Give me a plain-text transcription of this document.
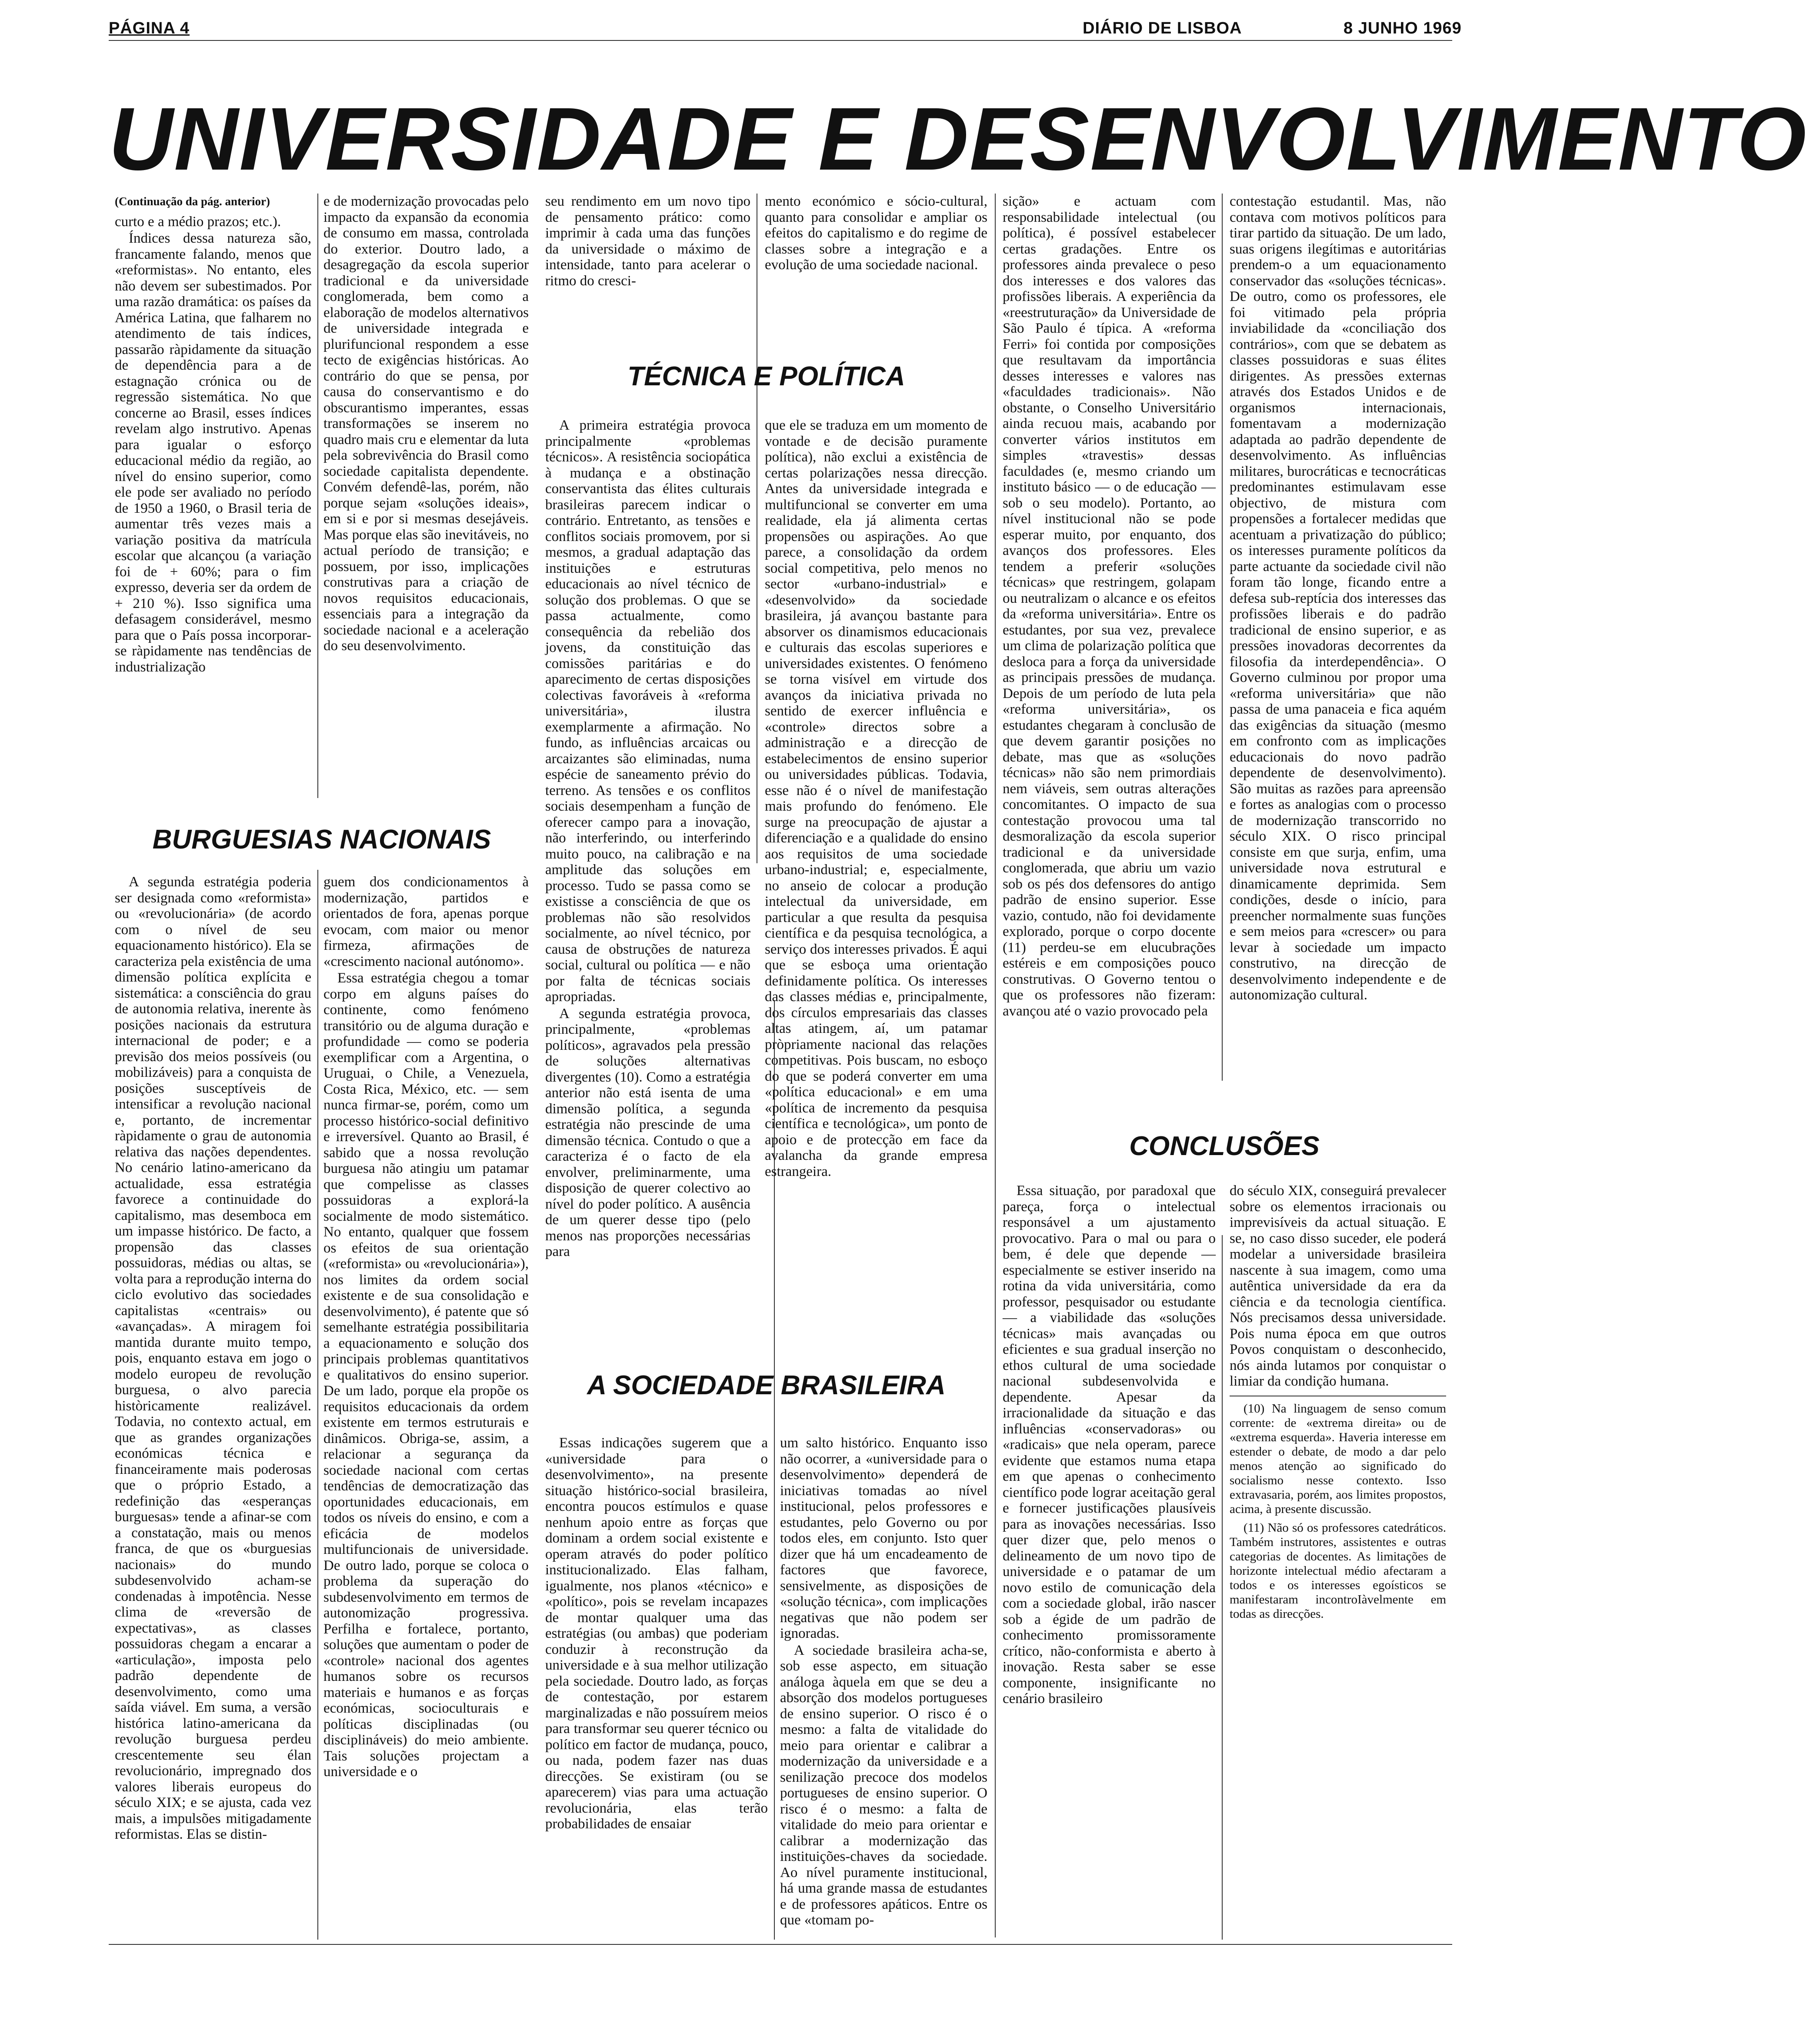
PÁGINA 4	DIÁRIO DE LISBOA	8 JUNHO 1969
UNIVERSIDADE E DESENVOLVIMENTO

(Continuação da pág. anterior)

curto e a médio prazos; etc.).

Índices dessa natureza são, francamente falando, menos que «reformistas». No entanto, eles não devem ser subestimados. Por uma razão dramática: os países da América Latina, que falharem no atendimento de tais índices, passarão ràpidamente da situação de dependência para a de estagnação crónica ou de regressão sistemática. No que concerne ao Brasil, esses índices revelam algo instrutivo. Apenas para igualar o esforço educacional médio da região, ao nível do ensino superior, como ele pode ser avaliado no período de 1950 a 1960, o Brasil teria de aumentar três vezes mais a variação positiva da matrícula escolar que alcançou (a variação foi de + 60%; para o fim expresso, deveria ser da ordem de + 210 %). Isso significa uma defasagem considerável, mesmo para que o País possa incorporar-se ràpidamente nas tendências de industrialização

e de modernização provocadas pelo impacto da expansão da economia de consumo em massa, controlada do exterior. Doutro lado, a desagregação da escola superior tradicional e da universidade conglomerada, bem como a elaboração de modelos alternativos de universidade integrada e plurifuncional respondem a esse tecto de exigências históricas. Ao contrário do que se pensa, por causa do conservantismo e do obscurantismo imperantes, essas transformações se inserem no quadro mais cru e elementar da luta pela sobrevivência do Brasil como sociedade capitalista dependente. Convém defendê-las, porém, não porque sejam «soluções ideais», em si e por si mesmas desejáveis. Mas porque elas são inevitáveis, no actual período de transição; e possuem, por isso, implicações construtivas para a criação de novos requisitos educacionais, essenciais para a integração da sociedade nacional e a aceleração do seu desenvolvimento.

seu rendimento em um novo tipo de pensamento prático: como imprimir à cada uma das funções da universidade o máximo de intensidade, tanto para acelerar o ritmo do cresci-

mento económico e sócio-cultural, quanto para consolidar e ampliar os efeitos do capitalismo e do regime de classes sobre a integração e a evolução de uma sociedade nacional.

TÉCNICA E POLÍTICA

A primeira estratégia provoca principalmente «problemas técnicos». A resistência sociopática à mudança e a obstinação conservantista das élites culturais brasileiras parecem indicar o contrário. Entretanto, as tensões e conflitos sociais promovem, por si mesmos, a gradual adaptação das instituições e estruturas educacionais ao nível técnico de solução dos problemas. O que se passa actualmente, como consequência da rebelião dos jovens, da constituição das comissões paritárias e do aparecimento de certas disposições colectivas favoráveis à «reforma universitária», ilustra exemplarmente a afirmação. No fundo, as influências arcaicas ou arcaizantes são eliminadas, numa espécie de saneamento prévio do terreno. As tensões e os conflitos sociais desempenham a função de oferecer campo para a inovação, não interferindo, ou interferindo muito pouco, na calibração e na amplitude das soluções em processo. Tudo se passa como se existisse a consciência de que os problemas não são resolvidos socialmente, ao nível técnico, por causa de obstruções de natureza social, cultural ou política — e não por falta de técnicas sociais apropriadas.

A segunda estratégia provoca, principalmente, «problemas políticos», agravados pela pressão de soluções alternativas divergentes (10). Como a estratégia anterior não está isenta de uma dimensão política, a segunda estratégia não prescinde de uma dimensão técnica. Contudo o que a caracteriza é o facto de ela envolver, preliminarmente, uma disposição de querer colectivo ao nível do poder político. A ausência de um querer desse tipo (pelo menos nas proporções necessárias para

que ele se traduza em um momento de vontade e de decisão puramente política), não exclui a existência de certas polarizações nessa direcção. Antes da universidade integrada e multifuncional se converter em uma realidade, ela já alimenta certas propensões ou aspirações. Ao que parece, a consolidação da ordem social competitiva, pelo menos no sector «urbano-industrial» e «desenvolvido» da sociedade brasileira, já avançou bastante para absorver os dinamismos educacionais e culturais das escolas superiores e universidades existentes. O fenómeno se torna visível em virtude dos avanços da iniciativa privada no sentido de exercer influência e «controle» directos sobre a administração e a direcção de estabelecimentos de ensino superior ou universidades públicas. Todavia, esse não é o nível de manifestação mais profundo do fenómeno. Ele surge na preocupação de ajustar a diferenciação e a qualidade do ensino aos requisitos de uma sociedade urbano-industrial; e, especialmente, no anseio de colocar a produção intelectual da universidade, em particular a que resulta da pesquisa científica e da pesquisa tecnológica, a serviço dos interesses privados. É aqui que se esboça uma orientação definidamente política. Os interesses das classes médias e, principalmente, dos círculos empresariais das classes altas atingem, aí, um patamar pròpriamente nacional das relações competitivas. Pois buscam, no esboço do que se poderá converter em uma «política educacional» e em uma «política de incremento da pesquisa científica e tecnológica», um ponto de apoio e de protecção em face da avalancha da grande empresa estrangeira.

BURGUESIAS NACIONAIS

A segunda estratégia poderia ser designada como «reformista» ou «revolucionária» (de acordo com o nível de seu equacionamento histórico). Ela se caracteriza pela existência de uma dimensão política explícita e sistemática: a consciência do grau de autonomia relativa, inerente às posições nacionais da estrutura internacional de poder; e a previsão dos meios possíveis (ou mobilizáveis) para a conquista de posições susceptíveis de intensificar a revolução nacional e, portanto, de incrementar ràpidamente o grau de autonomia relativa das nações dependentes. No cenário latino-americano da actualidade, essa estratégia favorece a continuidade do capitalismo, mas desemboca em um impasse histórico. De facto, a propensão das classes possuidoras, médias ou altas, se volta para a reprodução interna do ciclo evolutivo das sociedades capitalistas «centrais» ou «avançadas». A miragem foi mantida durante muito tempo, pois, enquanto estava em jogo o modelo europeu de revolução burguesa, o alvo parecia històricamente realizável. Todavia, no contexto actual, em que as grandes organizações económicas técnica e financeiramente mais poderosas que o próprio Estado, a redefinição das «esperanças burguesas» tende a afinar-se com a constatação, mais ou menos franca, de que os «burguesias nacionais» do mundo subdesenvolvido acham-se condenadas à impotência. Nesse clima de «reversão de expectativas», as classes possuidoras chegam a encarar a «articulação», imposta pelo padrão dependente de desenvolvimento, como uma saída viável. Em suma, a versão histórica latino-americana da revolução burguesa perdeu crescentemente seu élan revolucionário, impregnado dos valores liberais europeus do século XIX; e se ajusta, cada vez mais, a impulsões mitigadamente reformistas. Elas se distin-

guem dos condicionamentos à modernização, partidos e orientados de fora, apenas porque evocam, com maior ou menor firmeza, afirmações de «crescimento nacional autónomo».

Essa estratégia chegou a tomar corpo em alguns países do continente, como fenómeno transitório ou de alguma duração e profundidade — como se poderia exemplificar com a Argentina, o Uruguai, o Chile, a Venezuela, Costa Rica, México, etc. — sem nunca firmar-se, porém, como um processo histórico-social definitivo e irreversível. Quanto ao Brasil, é sabido que a nossa revolução burguesa não atingiu um patamar que compelisse as classes possuidoras a explorá-la socialmente de modo sistemático. No entanto, qualquer que fossem os efeitos de sua orientação («reformista» ou «revolucionária»), nos limites da ordem social existente e de sua consolidação e desenvolvimento), é patente que só semelhante estratégia possibilitaria a equacionamento e solução dos principais problemas quantitativos e qualitativos do ensino superior. De um lado, porque ela propõe os requisitos educacionais da ordem existente em termos estruturais e dinâmicos. Obriga-se, assim, a relacionar a segurança da sociedade nacional com certas tendências de democratização das oportunidades educacionais, em todos os níveis do ensino, e com a eficácia de modelos multifuncionais de universidade. De outro lado, porque se coloca o problema da superação do subdesenvolvimento em termos de autonomização progressiva. Perfilha e fortalece, portanto, soluções que aumentam o poder de «controle» nacional dos agentes humanos sobre os recursos materiais e humanos e as forças económicas, socioculturais e políticas disciplinadas (ou disciplináveis) do meio ambiente. Tais soluções projectam a universidade e o

A SOCIEDADE BRASILEIRA

Essas indicações sugerem que a «universidade para o desenvolvimento», na presente situação histórico-social brasileira, encontra poucos estímulos e quase nenhum apoio entre as forças que dominam a ordem social existente e operam através do poder político institucionalizado. Elas falham, igualmente, nos planos «técnico» e «político», pois se revelam incapazes de montar qualquer uma das estratégias (ou ambas) que poderiam conduzir à reconstrução da universidade e à sua melhor utilização pela sociedade. Doutro lado, as forças de contestação, por estarem marginalizadas e não possuírem meios para transformar seu querer técnico ou político em factor de mudança, pouco, ou nada, podem fazer nas duas direcções. Se existiram (ou se aparecerem) vias para uma actuação revolucionária, elas terão probabilidades de ensaiar

um salto histórico. Enquanto isso não ocorrer, a «universidade para o desenvolvimento» dependerá de iniciativas tomadas ao nível institucional, pelos professores e estudantes, pelo Governo ou por todos eles, em conjunto. Isto quer dizer que há um encadeamento de factores que favorece, sensivelmente, as disposições de «solução técnica», com implicações negativas que não podem ser ignoradas.

A sociedade brasileira acha-se, sob esse aspecto, em situação análoga àquela em que se deu a absorção dos modelos portugueses de ensino superior. O risco é o mesmo: a falta de vitalidade do meio para orientar e calibrar a modernização da universidade e a senilização precoce dos modelos portugueses de ensino superior. O risco é o mesmo: a falta de vitalidade do meio para orientar e calibrar a modernização das instituições-chaves da sociedade. Ao nível puramente institucional, há uma grande massa de estudantes e de professores apáticos. Entre os que «tomam po-

sição» e actuam com responsabilidade intelectual (ou política), é possível estabelecer certas gradações. Entre os professores ainda prevalece o peso dos interesses e dos valores das profissões liberais. A experiência da «reestruturação» da Universidade de São Paulo é típica. A «reforma Ferri» foi contida por composições que resultavam da importância desses interesses e valores nas «faculdades tradicionais». Não obstante, o Conselho Universitário ainda recuou mais, acabando por converter vários institutos em simples «travestis» dessas faculdades (e, mesmo criando um instituto básico — o de educação — sob o seu modelo). Portanto, ao nível institucional não se pode esperar muito, por enquanto, dos avanços dos professores. Eles tendem a preferir «soluções técnicas» que restringem, golapam ou neutralizam o alcance e os efeitos da «reforma universitária». Entre os estudantes, por sua vez, prevalece um clima de polarização política que desloca para a força da universidade as principais pressões de mudança. Depois de um período de luta pela «reforma universitária», os estudantes chegaram à conclusão de que devem garantir posições no debate, mas que as «soluções técnicas» não são nem primordiais nem viáveis, sem outras alterações concomitantes. O impacto de sua contestação provocou uma tal desmoralização da escola superior tradicional e da universidade conglomerada, que abriu um vazio sob os pés dos defensores do antigo padrão de ensino superior. Esse vazio, contudo, não foi devidamente explorado, porque o corpo docente (11) perdeu-se em elucubrações estéreis e em composições pouco construtivas. O Governo tentou o que os professores não fizeram: avançou até o vazio provocado pela

contestação estudantil. Mas, não contava com motivos políticos para tirar partido da situação. De um lado, suas origens ilegítimas e autoritárias prendem-o a um equacionamento conservador das «soluções técnicas». De outro, como os professores, ele foi vitimado pela própria inviabilidade da «conciliação dos contrários», com que se debatem as classes possuidoras e suas élites dirigentes. As pressões externas através dos Estados Unidos e de organismos internacionais, fomentavam a modernização adaptada ao padrão dependente de desenvolvimento. As influências militares, burocráticas e tecnocráticas predominantes estimulavam esse objectivo, de mistura com propensões a fortalecer medidas que acentuam a privatização do público; os interesses puramente políticos da parte actuante da sociedade civil não foram tão longe, ficando entre a defesa sub-reptícia dos interesses das profissões liberais e do padrão tradicional de ensino superior, e as pressões inovadoras decorrentes da filosofia da interdependência». O Governo culminou por propor uma «reforma universitária» que não passa de uma panaceia e fica aquém das exigências da situação (mesmo em confronto com as implicações educacionais do novo padrão dependente de desenvolvimento). São muitas as razões para apreensão e fortes as analogias com o processo de modernização transcorrido no século XIX. O risco principal consiste em que surja, enfim, uma universidade nova estrutural e dinamicamente deprimida. Sem condições, desde o início, para preencher normalmente suas funções e sem meios para «crescer» ou para levar à sociedade um impacto construtivo, na direcção de desenvolvimento independente e de autonomização cultural.

CONCLUSÕES

Essa situação, por paradoxal que pareça, força o intelectual responsável a um ajustamento provocativo. Para o mal ou para o bem, é dele que depende — especialmente se estiver inserido na rotina da vida universitária, como professor, pesquisador ou estudante — a viabilidade das «soluções técnicas» mais avançadas ou eficientes e sua gradual inserção no ethos cultural de uma sociedade nacional subdesenvolvida e dependente. Apesar da irracionalidade da situação e das influências «conservadoras» ou «radicais» que nela operam, parece evidente que estamos numa etapa em que apenas o conhecimento científico pode lograr aceitação geral e fornecer justificações plausíveis para as inovações necessárias. Isso quer dizer que, pelo menos o delineamento de um novo tipo de universidade e o patamar de um novo estilo de comunicação dela com a sociedade global, irão nascer sob a égide de um padrão de conhecimento promissoramente crítico, não-conformista e aberto à inovação. Resta saber se esse componente, insignificante no cenário brasileiro

do século XIX, conseguirá prevalecer sobre os elementos irracionais ou imprevisíveis da actual situação. E se, no caso disso suceder, ele poderá modelar a universidade brasileira nascente à sua imagem, como uma autêntica universidade da era da ciência e da tecnologia científica. Nós precisamos dessa universidade. Pois numa época em que outros Povos conquistam o desconhecido, nós ainda lutamos por conquistar o limiar da condição humana.

(10) Na linguagem de senso comum corrente: de «extrema direita» ou de «extrema esquerda». Haveria interesse em estender o debate, de modo a dar pelo menos atenção ao significado do socialismo nesse contexto. Isso extravasaria, porém, aos limites propostos, acima, à presente discussão.

(11) Não só os professores catedráticos. Também instrutores, assistentes e outras categorias de docentes. As limitações de horizonte intelectual médio afectaram a todos e os interesses egoísticos se manifestaram incontroIàvelmente em todas as direcções.
